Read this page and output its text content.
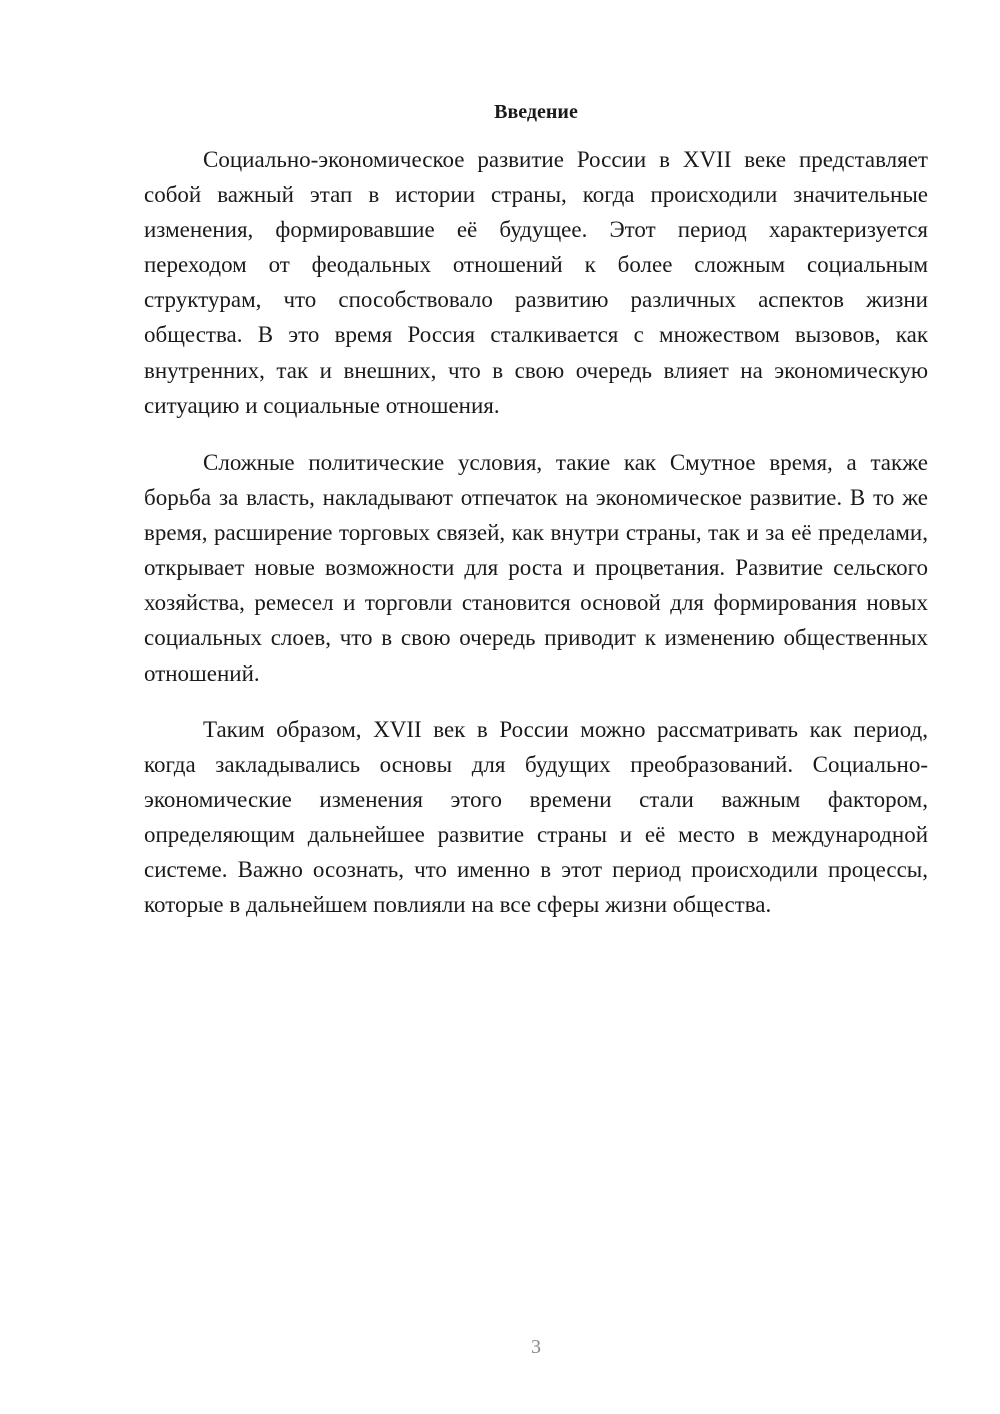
Введение

Социально-экономическое развитие России в XVII веке представляет собой важный этап в истории страны, когда происходили значительные изменения, формировавшие её будущее. Этот период характеризуется переходом от феодальных отношений к более сложным социальным структурам, что способствовало развитию различных аспектов жизни общества. В это время Россия сталкивается с множеством вызовов, как внутренних, так и внешних, что в свою очередь влияет на экономическую ситуацию и социальные отношения.

Сложные политические условия, такие как Смутное время, а также борьба за власть, накладывают отпечаток на экономическое развитие. В то же время, расширение торговых связей, как внутри страны, так и за её пределами, открывает новые возможности для роста и процветания. Развитие сельского хозяйства, ремесел и торговли становится основой для формирования новых социальных слоев, что в свою очередь приводит к изменению общественных отношений.

Таким образом, XVII век в России можно рассматривать как период, когда закладывались основы для будущих преобразований. Социально-экономические изменения этого времени стали важным фактором, определяющим дальнейшее развитие страны и её место в международной системе. Важно осознать, что именно в этот период происходили процессы, которые в дальнейшем повлияли на все сферы жизни общества.

3
